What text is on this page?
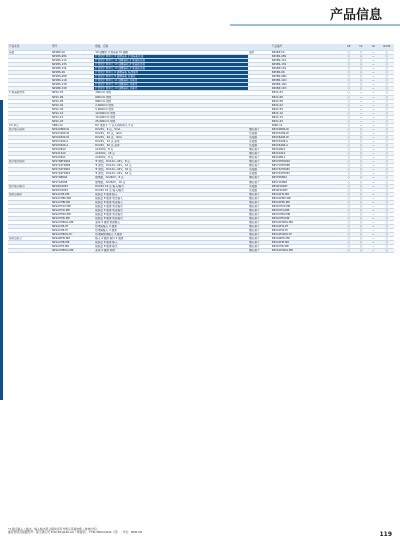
产品信息
产品系列	型号	规格、名称		产品编号	CE	UL	UL	RoHS
基础	NP1BP-10	10 插槽型 扩展基板 RI 插槽	插件	NP1BP-10	○	○	—	○
	NP1BS-08S	扩展型扩展单元 8 插槽基板 扩展基板连接		NP1BS-08S	○	○	—	○
	NP1BS-11S	扩展型扩展单元 11 插槽基板 扩展基板连接		NP1BS-11S	○	○	—	○
	NP1BS-13S	扩展型扩展单元 13 插槽基板 扩展基板连接		NP1BS-13S	○	○	—	○
	NP1BP-13S	扩展型扩展单元 13 插槽基板 扩展基板连接		NP1BP-13S	○	○	—	○
	NP1BS-06	扩展型扩展单元 6 插槽基板 标准插件		NP1BS-06	○	○	—	○
	NP1BS-08D	扩展型扩展单元 8 插槽基板 双重化		NP1BS-08D	○	○	—	○
	NP1BS-11D	扩展型扩展单元 11 插槽基板 双重化		NP1BS-11D	○	○	—	○
	NP1BS-13D	扩展型扩展单元 13 插槽基板 双重化		NP1BS-13D	○	○	—	○
	NP1BP-13D	扩展型扩展单元 13 插槽基板 双重化		NP1BP-13D	○	○	—	○
扩展基础电缆	NP1C-P3	300mm 电缆		NP1C-P3	○	—	—	○
	NP1C-P6	600mm 电缆		NP1C-P6	○	—	—	○
	NP1C-P8	800mm 电缆		NP1C-P8	○	—	—	○
	NP1C-02	2,000mm 电缆		NP1C-02	○	—	—	○
	NP1C-05	5,000mm 电缆		NP1C-05	○	—	—	○
	NP1C-10	10,000mm 电缆		NP1C-10	○	—	—	○
	NP1C-15	15,000mm 电缆		NP1C-15	○	—	—	○
	NP1C-25	25,000mm 电缆		NP1C-25	○	—	—	○
I/O 单元	SIND-12	DC 电源 1 个 以太网用单元 开关		SIND-12	○	—	—	○
数字输入模块	NP1X0806-W	DC24V，8 点，5mA	螺钉端子	NP1X0806-W	○	○	—	○
	NP1X3206-W	DC24V，32 点，4mA	连接器	NP1X3206-W	○	○	—	○
	NP1X6406-W	DC24V，64 点，4mA	连接器	NP1X6406-W	○	○	—	○
	NP1X3206-A	DC24V，32 点 高速	连接器	NP1X3206-A	○	○	—	○
	NP1X6406-A	DC24V，64 点 高速	连接器	NP1X6406-A	○	○	—	○
	NP1X0810	AC100V，8 点	螺钉端子	NP1X0810	○	○	—	○
	NP1X1610	AC100V，16 点	螺钉端子	NP1X1610	○	○	—	○
	NP1X0811	AC200V，8 点	螺钉端子	NP1X0811	○	○	—	○
数字输出模块	NP1Y08T0902	Tr 源型，DC12V~24V，8 点	螺钉端子	NP1Y08T0902	○	○	—	○
	NP1Y16T09P6	Tr 源型，DC12V~24V，16 点	螺钉端子	NP1Y16T09P6	○	○	—	○
	NP1Y32T09P1	Tr 源型，DC12V~24V，32 点	连接器	NP1Y32T09P1	○	○	—	○
	NP1Y64T09P1	Tr 源型，DC12V~24V，64 点	连接器	NP1Y64T09P1	○	○	—	○
	NP1Y08R04	继电器，AC240V，8 点	螺钉端子	NP1Y08R04	○	○	—	○
	NP1Y16R08	继电器，AC240V，16 点	螺钉端子	NP1Y16R08	○	○	—	○
数字输入输出	NP1W1606T	DC24V 16 点 输入/输出	连接器	NP1W1606T	○	○	—	○
	NP1W3206T	DC24V 32 点 输入/输出	连接器	NP1W3206T	○	○	—	○
模拟量模块	NP1AXH4-MR	模拟量 4 通道 输入	螺钉端子	NP1AXH4-MR	○	○	—	○
	NP1AXH8V-MR	模拟量 8 通道 电压输入	螺钉端子	NP1AXH8V-MR	○	○	—	○
	NP1AXH8I-MR	模拟量 8 通道 电流输入	螺钉端子	NP1AXH8I-MR	○	○	—	○
	NP1AYH4V-MR	模拟量 4 通道 电压输出	螺钉端子	NP1AYH4V-MR	○	○	—	○
	NP1AYH4I-MR	模拟量 4 通道 电流输出	螺钉端子	NP1AYH4I-MR	○	○	—	○
	NP1AYH8V-MR	模拟量 8 通道 电压输出	螺钉端子	NP1AYH8V-MR	○	○	—	○
	NP1AYH8I-MR	模拟量 8 通道 电流输出	螺钉端子	NP1AYH8I-MR	○	○	—	○
	NP1AXH4DG-MR	高速 4 通道 绝缘输入	螺钉端子	NP1AXH4DG-MR	○	○	—	○
	NP1AXH4-PT	热电阻输入 4 通道	螺钉端子	NP1AXH4-PT	○	○	—	○
	NP1AXH4-TC	热电偶输入 4 通道	螺钉端子	NP1AXH4-TC	○	○	—	○
	NP1AXH4DG-TC	热电偶绝缘输入 4 通道	螺钉端子	NP1AXH4DG-TC	○	○	—	○
模拟量混合	NP1AWH6-MR	输入 4 通道 输出 2 通道	螺钉端子	NP1AWH6-MR	○	○	—	○
	NP1AXH8-MR	模拟量 8 通道 输入	螺钉端子	NP1AXH8-MR	○	○	—	○
	NP1AYH8-MR	模拟量 8 通道 输出	螺钉端子	NP1AYH8-MR	○	○	—	○
	NP1AXH4DG-MR	高速 4 通道 绝缘	螺钉端子	NP1AXH4DG-MR	○	○	—	○
*1 数字输入 / 输出、输入输出混合模块需另外购买连接电缆（单独出售）。
推荐使用连接器型号：富士通公司 FCN-361J040-AU（焊接型）、FCN-360C040-B（罩） · 外壳：NPM-CN	119
